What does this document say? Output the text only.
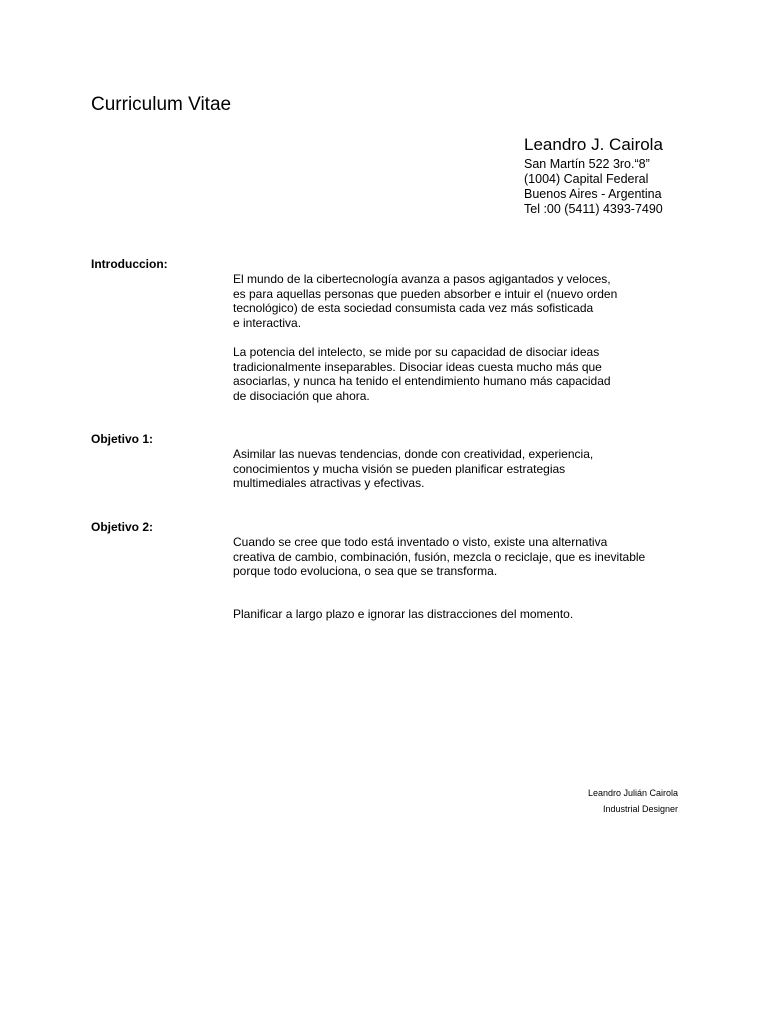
Curriculum Vitae
Leandro J. Cairola
San Martín 522 3ro.“8”
(1004) Capital Federal
Buenos Aires - Argentina
Tel :00 (5411) 4393-7490
Introduccion:

El mundo de la cibertecnología avanza a pasos agigantados y veloces,
es para aquellas personas que pueden absorber e intuir el (nuevo orden
tecnológico) de esta sociedad consumista cada vez más sofisticada
e interactiva.

La potencia del intelecto, se mide por su capacidad de disociar ideas
tradicionalmente inseparables. Disociar ideas cuesta mucho más que
asociarlas, y nunca ha tenido el entendimiento humano más capacidad
de disociación que ahora.

Objetivo 1:

Asimilar las nuevas tendencias, donde con creatividad, experiencia,
conocimientos y mucha visión se pueden planificar estrategias
multimediales atractivas y efectivas.

Objetivo 2:

Cuando se cree que todo está inventado o visto, existe una alternativa
creativa de cambio, combinación, fusión, mezcla o reciclaje, que es inevitable
porque todo evoluciona, o sea que se transforma.

Planificar a largo plazo e ignorar las distracciones del momento.

Leandro Julián Cairola
Industrial Designer
